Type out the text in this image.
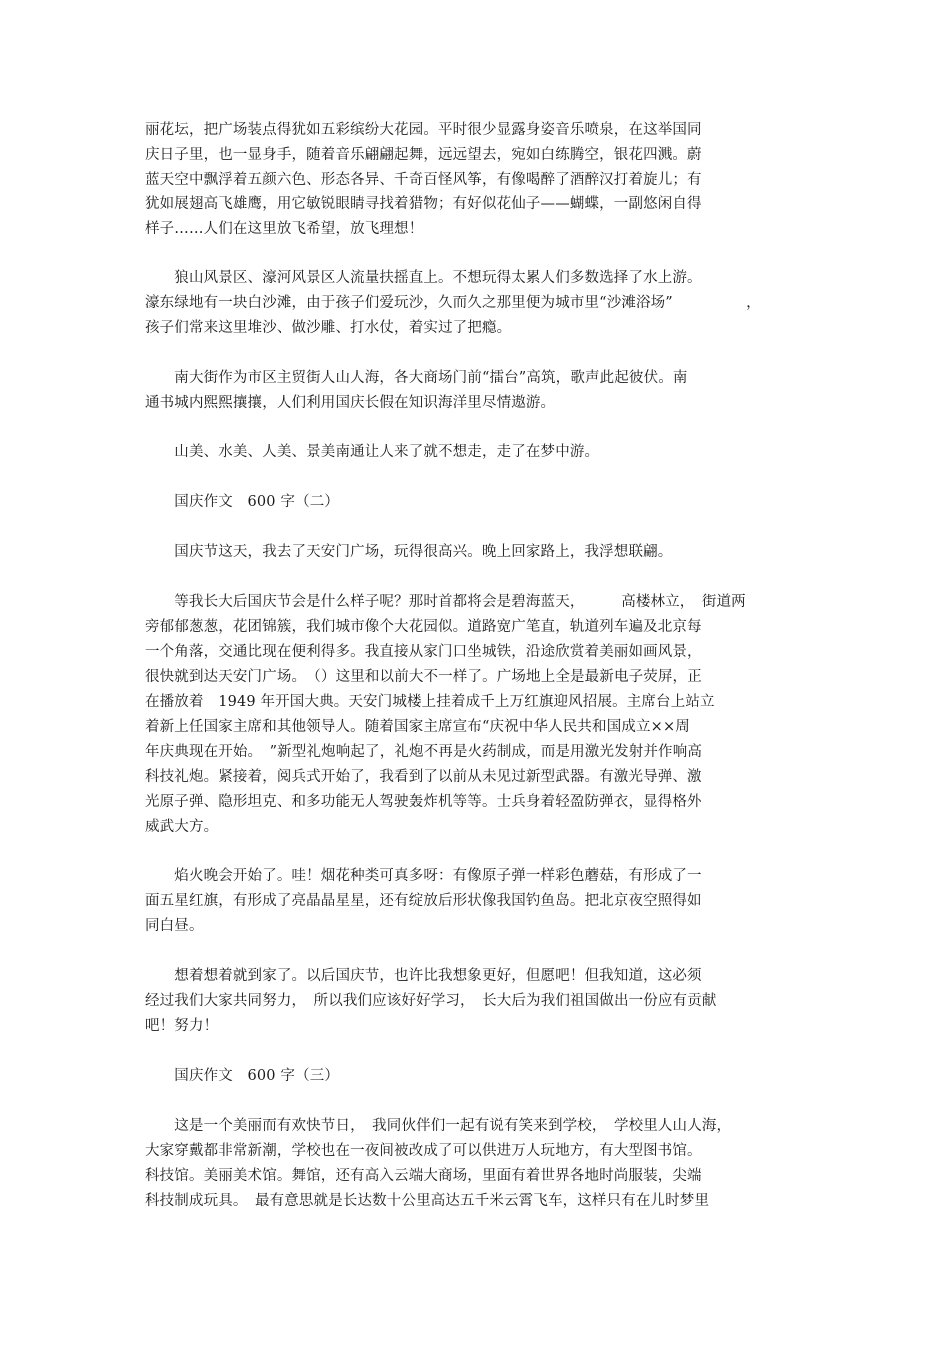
丽花坛，把广场装点得犹如五彩缤纷大花园。平时很少显露身姿音乐喷泉，在这举国同
庆日子里，也一显身手，随着音乐翩翩起舞，远远望去，宛如白练腾空，银花四溅。蔚
蓝天空中飘浮着五颜六色、形态各异、千奇百怪风筝，有像喝醉了酒醉汉打着旋儿；有
犹如展翅高飞雄鹰，用它敏锐眼睛寻找着猎物；有好似花仙子——蝴蝶，一副悠闲自得
样子……人们在这里放飞希望，放飞理想！
　　狼山风景区、濠河风景区人流量扶摇直上。不想玩得太累人们多数选择了水上游。
濠东绿地有一块白沙滩，由于孩子们爱玩沙，久而久之那里便为城市里“沙滩浴场”　　　　　，
孩子们常来这里堆沙、做沙雕、打水仗，着实过了把瘾。
　　南大街作为市区主贸街人山人海，各大商场门前“擂台”高筑，歌声此起彼伏。南
通书城内熙熙攘攘，人们利用国庆长假在知识海洋里尽情遨游。
　　山美、水美、人美、景美南通让人来了就不想走，走了在梦中游。
　　国庆作文　600 字（二）
　　国庆节这天，我去了天安门广场，玩得很高兴。晚上回家路上，我浮想联翩。
　　等我长大后国庆节会是什么样子呢？那时首都将会是碧海蓝天，　　　高楼林立，　街道两
旁郁郁葱葱，花团锦簇，我们城市像个大花园似。道路宽广笔直，轨道列车遍及北京每
一个角落，交通比现在便利得多。我直接从家门口坐城铁，沿途欣赏着美丽如画风景，
很快就到达天安门广场。　（）这里和以前大不一样了。广场地上全是最新电子荧屏，正
在播放着　1949 年开国大典。天安门城楼上挂着成千上万红旗迎风招展。主席台上站立
着新上任国家主席和其他领导人。随着国家主席宣布“庆祝中华人民共和国成立××周
年庆典现在开始。　”新型礼炮响起了，礼炮不再是火药制成，而是用激光发射并作响高
科技礼炮。紧接着，阅兵式开始了，我看到了以前从未见过新型武器。有激光导弹、激
光原子弹、隐形坦克、和多功能无人驾驶轰炸机等等。士兵身着轻盈防弹衣，显得格外
威武大方。
　　焰火晚会开始了。哇！烟花种类可真多呀：有像原子弹一样彩色蘑菇，有形成了一
面五星红旗，有形成了亮晶晶星星，还有绽放后形状像我国钓鱼岛。把北京夜空照得如
同白昼。
　　想着想着就到家了。以后国庆节，也许比我想象更好，但愿吧！但我知道，这必须
经过我们大家共同努力，　所以我们应该好好学习，　长大后为我们祖国做出一份应有贡献
吧！努力！
　　国庆作文　600 字（三）
　　这是一个美丽而有欢快节日，　我同伙伴们一起有说有笑来到学校，　学校里人山人海，
大家穿戴都非常新潮，学校也在一夜间被改成了可以供进万人玩地方，有大型图书馆。
科技馆。美丽美术馆。舞馆，还有高入云端大商场，里面有着世界各地时尚服装，尖端
科技制成玩具。　最有意思就是长达数十公里高达五千米云霄飞车，这样只有在儿时梦里
